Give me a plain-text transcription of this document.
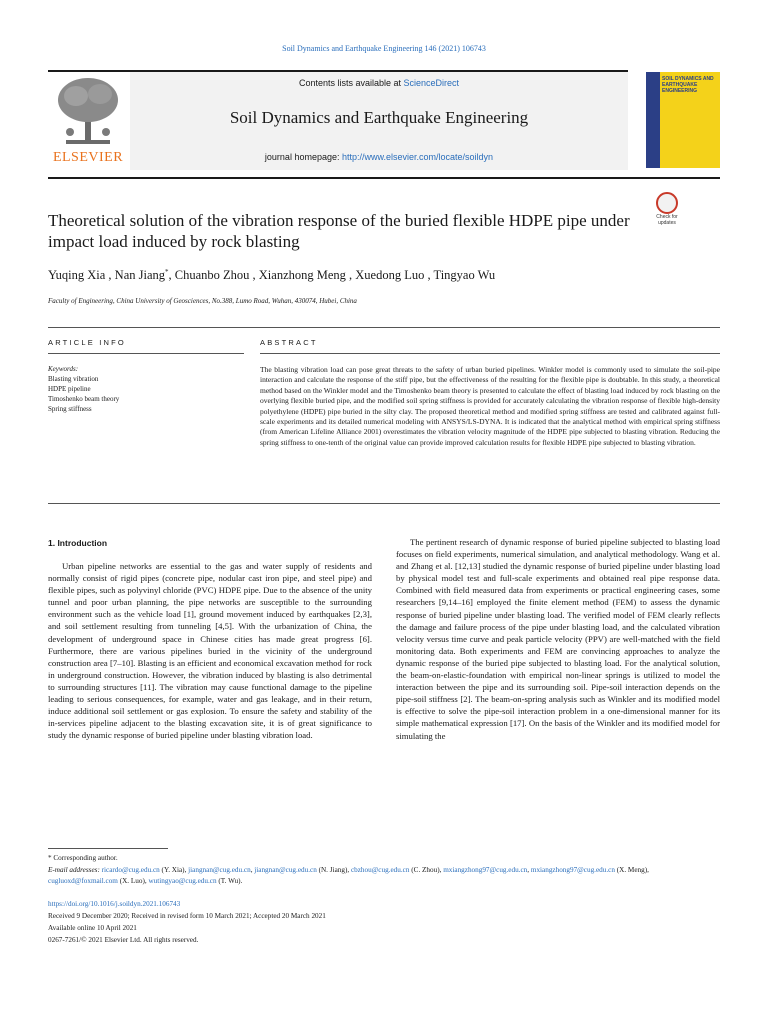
Soil Dynamics and Earthquake Engineering 146 (2021) 106743
ELSEVIER
Contents lists available at ScienceDirect
Soil Dynamics and Earthquake Engineering
journal homepage: http://www.elsevier.com/locate/soildyn
SOIL DYNAMICS AND EARTHQUAKE ENGINEERING
Check for updates
Theoretical solution of the vibration response of the buried flexible HDPE pipe under impact load induced by rock blasting
Yuqing Xia , Nan Jiang*, Chuanbo Zhou , Xianzhong Meng , Xuedong Luo , Tingyao Wu
Faculty of Engineering, China University of Geosciences, No.388, Lumo Road, Wuhan, 430074, Hubei, China
ARTICLE INFO	ABSTRACT
Keywords:
Blasting vibration
HDPE pipeline
Timoshenko beam theory
Spring stiffness
The blasting vibration load can pose great threats to the safety of urban buried pipelines. Winkler model is commonly used to simulate the soil-pipe interaction and calculate the response of the stiff pipe, but the effectiveness of the resulting for the flexible pipe is doubtable. In this study, a theoretical method based on the Winkler model and the Timoshenko beam theory is presented to calculate the effect of blasting load induced by rock blasting on the overlying flexible buried pipe, and the modified soil spring stiffness is provided for accurately calculating the vibration response of flexible high-density polyethylene (HDPE) pipe buried in the silty clay. The proposed theoretical method and modified spring stiffness are tested and calibrated against full-scale experiments and its detailed numerical modeling with ANSYS/LS-DYNA. It is indicated that the analytical method with empirical spring stiffness (from American Lifeline Alliance 2001) overestimates the vibration velocity magnitude of the HDPE pipe subjected to blasting vibration. Reducing the spring stiffness to one-tenth of the original value can provide improved calculation results for flexible HDPE pipe subjected to blasting vibration.
1. Introduction

Urban pipeline networks are essential to the gas and water supply of residents and normally consist of rigid pipes (concrete pipe, nodular cast iron pipe, and steel pipe) and flexible pipes, such as polyvinyl chloride (PVC) HDPE pipe. Due to the absence of the unity tunnel and poor urban planning, the pipe networks are susceptible to the surrounding environment such as the vehicle load [1], ground movement induced by earthquakes [2,3], and soil settlement resulting from tunneling [4,5]. With the urbanization of China, the development of underground space in Chinese cities has made great progress [6]. Furthermore, there are various pipelines buried in the vicinity of the underground construction area [7–10]. Blasting is an efficient and economical excavation method for rock in underground construction. However, the vibration induced by blasting is also detrimental to surrounding structures [11]. The vibration may cause functional damage to the pipeline leading to serious consequences, for example, water and gas leakage, and in their return, induce additional soil settlement or gas explosion. To ensure the safety and stability of the in-services pipeline adjacent to the blasting excavation site, it is of great significance to study the dynamic response of buried pipeline under blasting vibration load.

The pertinent research of dynamic response of buried pipeline subjected to blasting load focuses on field experiments, numerical simulation, and analytical methodology. Wang et al. and Zhang et al. [12,13] studied the dynamic response of buried pipeline under blasting load by physical model test and full-scale experiments and obtained real pipe response data. Combined with field measured data from experiments or practical engineering cases, some researchers [9,14–16] employed the finite element method (FEM) to assess the dynamic response of buried pipeline under blasting load. The verified model of FEM clearly reflects the damage and failure process of the pipe under blasting load, and the calculated vibration velocity versus time curve and peak particle velocity (PPV) are well-matched with the field monitoring data. Both experiments and FEM are convincing approaches to analyze the dynamic response of the buried pipe subjected to blasting load. For the analytical solution, the beam-on-elastic-foundation with empirical non-linear springs is utilized to model the interaction between the pipe and its surrounding soil. Pipe-soil interaction depends on the pipe-soil stiffness [2]. The beam-on-spring analysis such as Winkler and its modified model is effective to solve the pipe-soil interaction problem in a one-dimensional manner for its simple mathematical expression [17]. On the basis of the Winkler and its modified model for simulating the

* Corresponding author.
E-mail addresses: ricardo@cug.edu.cn (Y. Xia), jiangnan@cug.edu.cn, jiangnan@cug.edu.cn (N. Jiang), cbzhou@cug.edu.cn (C. Zhou), mxiangzhong97@cug.edu.cn, mxiangzhong97@cug.edu.cn (X. Meng), cugluoxd@foxmail.com (X. Luo), wutingyao@cug.edu.cn (T. Wu).
https://doi.org/10.1016/j.soildyn.2021.106743
Received 9 December 2020; Received in revised form 10 March 2021; Accepted 20 March 2021
Available online 10 April 2021
0267-7261/© 2021 Elsevier Ltd. All rights reserved.
